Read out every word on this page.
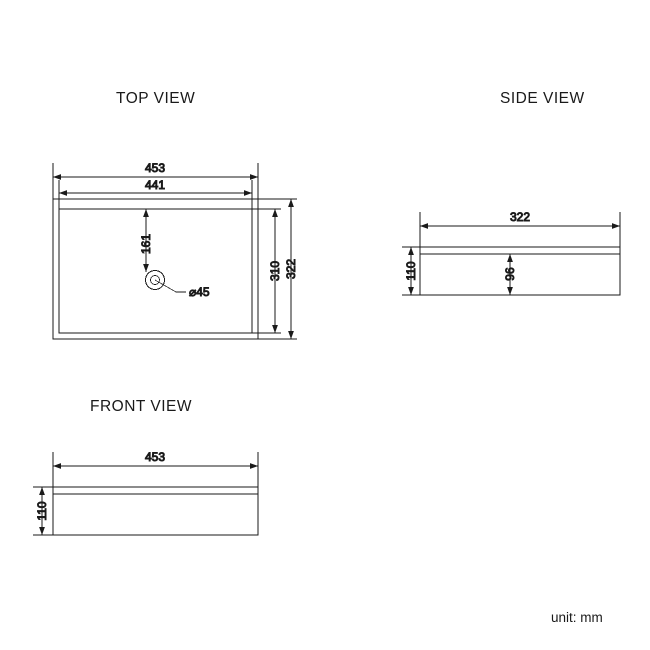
TOP VIEW	SIDE VIEW
FRONT VIEW
unit: mm
453
441
322
310
161
⌀45
322
110	96
453
110
